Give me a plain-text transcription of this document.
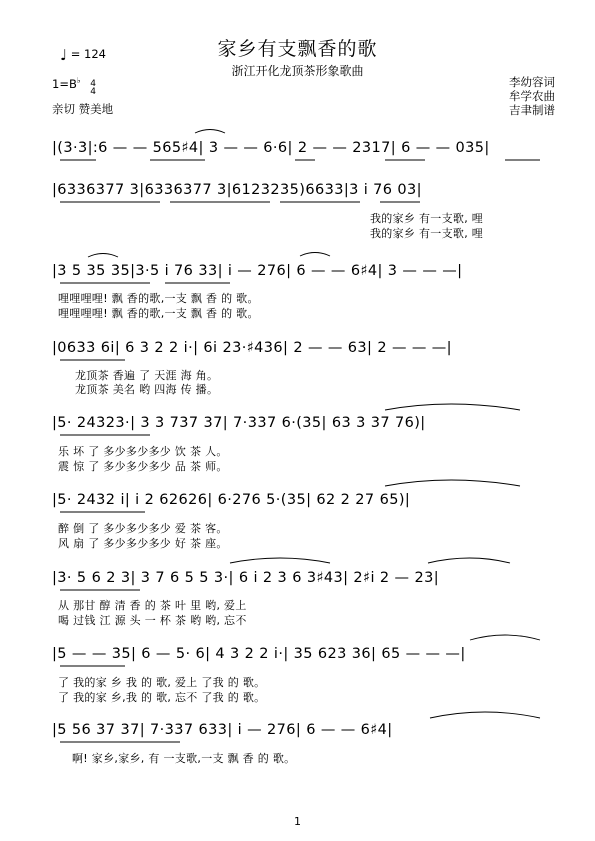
家乡有支飘香的歌
浙江开化龙顶茶形象歌曲
♩ = 124
1=B♭ 4
4
亲切 赞美地
李幼容词
牟学农曲
吉聿制谱
|(3·3|:6 — — 565♯4| 3 — — 6·6| 2 — — 2317| 6 — — 035|
|6336377 3|6336377 3|6123235)6633|3 i 76 03|
我的家乡 有一支歌, 哩
我的家乡 有一支歌, 哩
|3 5 35 35|3·5 i 76 33| i — 276| 6 — — 6♯4| 3 — — —|
哩哩哩哩! 飘 香的歌,一支 飘 香 的 歌。
哩哩哩哩! 飘 香的歌,一支 飘 香 的 歌。
|0633 6i| 6 3 2 2 i·| 6i 23·♯436| 2 — — 63| 2 — — —|
龙顶茶 香遍 了 天涯 海 角。
龙顶茶 美名 哟 四海 传 播。
|5· 24323·| 3 3 737 37| 7·337 6·(35| 63 3 37 76)|
乐 坏 了 多少多少多少 饮 茶 人。
震 惊 了 多少多少多少 品 茶 师。
|5· 2432 i| i 2 62626| 6·276 5·(35| 62 2 27 65)|
醉 倒 了 多少多少多少 爱 茶 客。
风 扇 了 多少多少多少 好 茶 座。
|3· 5 6 2 3| 3 7 6 5 5 3·| 6 i 2 3 6 3♯43| 2♯i 2 — 23|
从 那甘 醇 清 香 的 茶 叶 里 哟, 爱上
喝 过钱 江 源 头 一 杯 茶 哟 哟, 忘不
|5 — — 35| 6 — 5· 6| 4 3 2 2 i·| 35 623 36| 65 — — —|
了 我的家 乡 我 的 歌, 爱上 了我 的 歌。
了 我的家 乡,我 的 歌, 忘不 了我 的 歌。
|5 56 37 37| 7·337 633| i — 276| 6 — — 6♯4|
啊! 家乡,家乡, 有 一支歌,一支 飘 香 的 歌。
1
